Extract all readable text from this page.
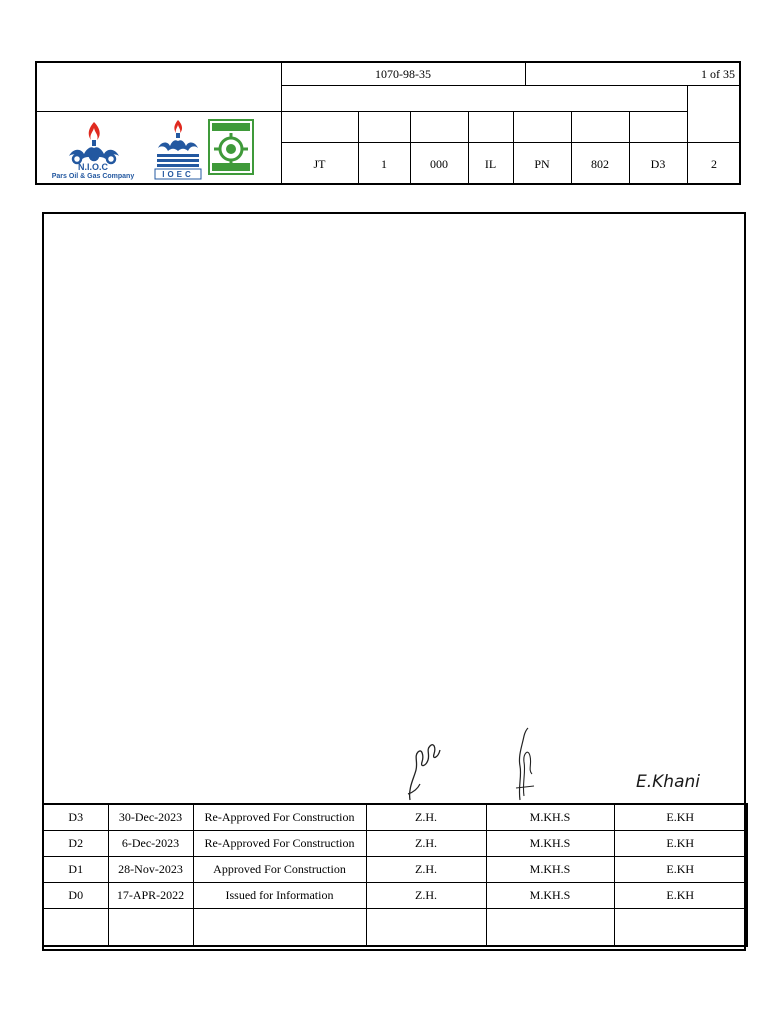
1070-98-35	1 of 35
JT	1	000	IL	PN	802	D3	2
N.I.O.C
Pars Oil & Gas Company	IOEC
E.Khani
D3	30-Dec-2023	Re-Approved For Construction	Z.H.	M.KH.S	E.KH
D2	6-Dec-2023	Re-Approved For Construction	Z.H.	M.KH.S	E.KH
D1	28-Nov-2023	Approved For Construction	Z.H.	M.KH.S	E.KH
D0	17-APR-2022	Issued for Information	Z.H.	M.KH.S	E.KH
